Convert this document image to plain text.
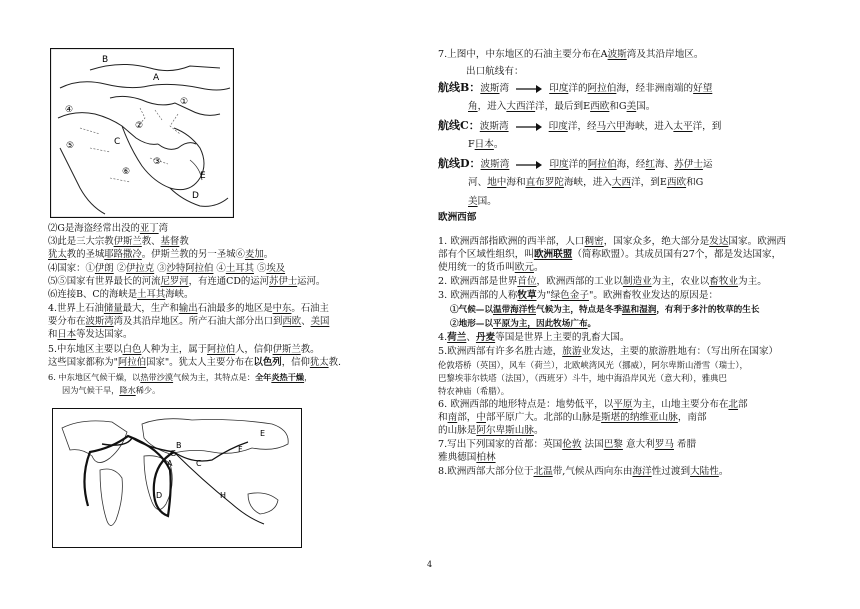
B
A
④
⑤
①
C
②
③
⑥	E
D
⑵G是海盗经常出没的亚丁湾
⑶此是三大宗教伊斯兰教、基督教
犹太教的圣城耶路撒冷。伊斯兰教的另一圣城⑥麦加。
⑷国家：①伊朗 ②伊拉克 ③沙特阿拉伯 ④土耳其 ⑤埃及
⑸⑤国家有世界最长的河流尼罗河，有连通CD的运河苏伊士运河。
⑹连接B、C的海峡是土耳其海峡。
4.世界上石油储量最大，生产和输出石油最多的地区是中东。石油主
要分布在波斯湾湾及其沿岸地区。所产石油大部分出口到西欧、美国
和日本等发达国家。
5.中东地区主要以白色人种为主，属于阿拉伯人，信仰伊斯兰教。
这些国家都称为"阿拉伯国家"。犹太人主要分布在以色列，信仰犹太教.
6. 中东地区气候干燥，以热带沙漠气候为主，其特点是：全年炎热干燥，
因为气候干旱，降水稀少。
G
A
B	F
C
E
D	H
4
7.上图中，中东地区的石油主要分布在A波斯湾及其沿岸地区。
出口航线有：
航线B：波斯湾	印度洋的阿拉伯海，经非洲南端的好望
角，进入大西洋洋，最后到E西欧和G美国。
航线C：波斯湾	印度洋，经马六甲海峡，进入太平洋，到
F日本。
航线D：波斯湾	印度洋的阿拉伯海，经红海、苏伊士运
河、地中海和直布罗陀海峡，进入大西洋，到E西欧和G
美国。
欧洲西部
1. 欧洲西部指欧洲的西半部，人口稠密，国家众多，绝大部分是发达国家。欧洲西
部有个区域性组织，叫欧洲联盟（简称欧盟）。其成员国有27个，都是发达国家，
使用统一的货币叫欧元。
2. 欧洲西部是世界首位，欧洲西部的工业以制造业为主，农业以畜牧业为主。
3. 欧洲西部的人称牧草为"绿色金子"。欧洲畜牧业发达的原因是：
①气候—以温带海洋性气候为主，特点是冬季温和湿润，有利于多汁的牧草的生长
②地形—以平原为主，因此牧场广布。
4.荷兰、丹麦等国是世界上主要的乳畜大国。
5.欧洲西部有许多名胜古迹，旅游业发达，主要的旅游胜地有：（写出所在国家）
伦敦塔桥（英国），风车（荷兰），北欧峡湾风光（挪威），阿尔卑斯山滑雪（瑞士），
巴黎埃菲尔铁塔（法国），（西班牙）斗牛，地中海沿岸风光（意大利），雅典巴
特农神庙（希腊）。
6. 欧洲西部的地形特点是：地势低平，以平原为主，山地主要分布在北部
和南部，中部平原广大。北部的山脉是斯堪的纳维亚山脉，南部
的山脉是阿尔卑斯山脉。
7.写出下列国家的首都：英国伦敦 法国巴黎 意大利罗马 希腊
雅典德国柏林
8.欧洲西部大部分位于北温带,气候从西向东由海洋性过渡到大陆性。
